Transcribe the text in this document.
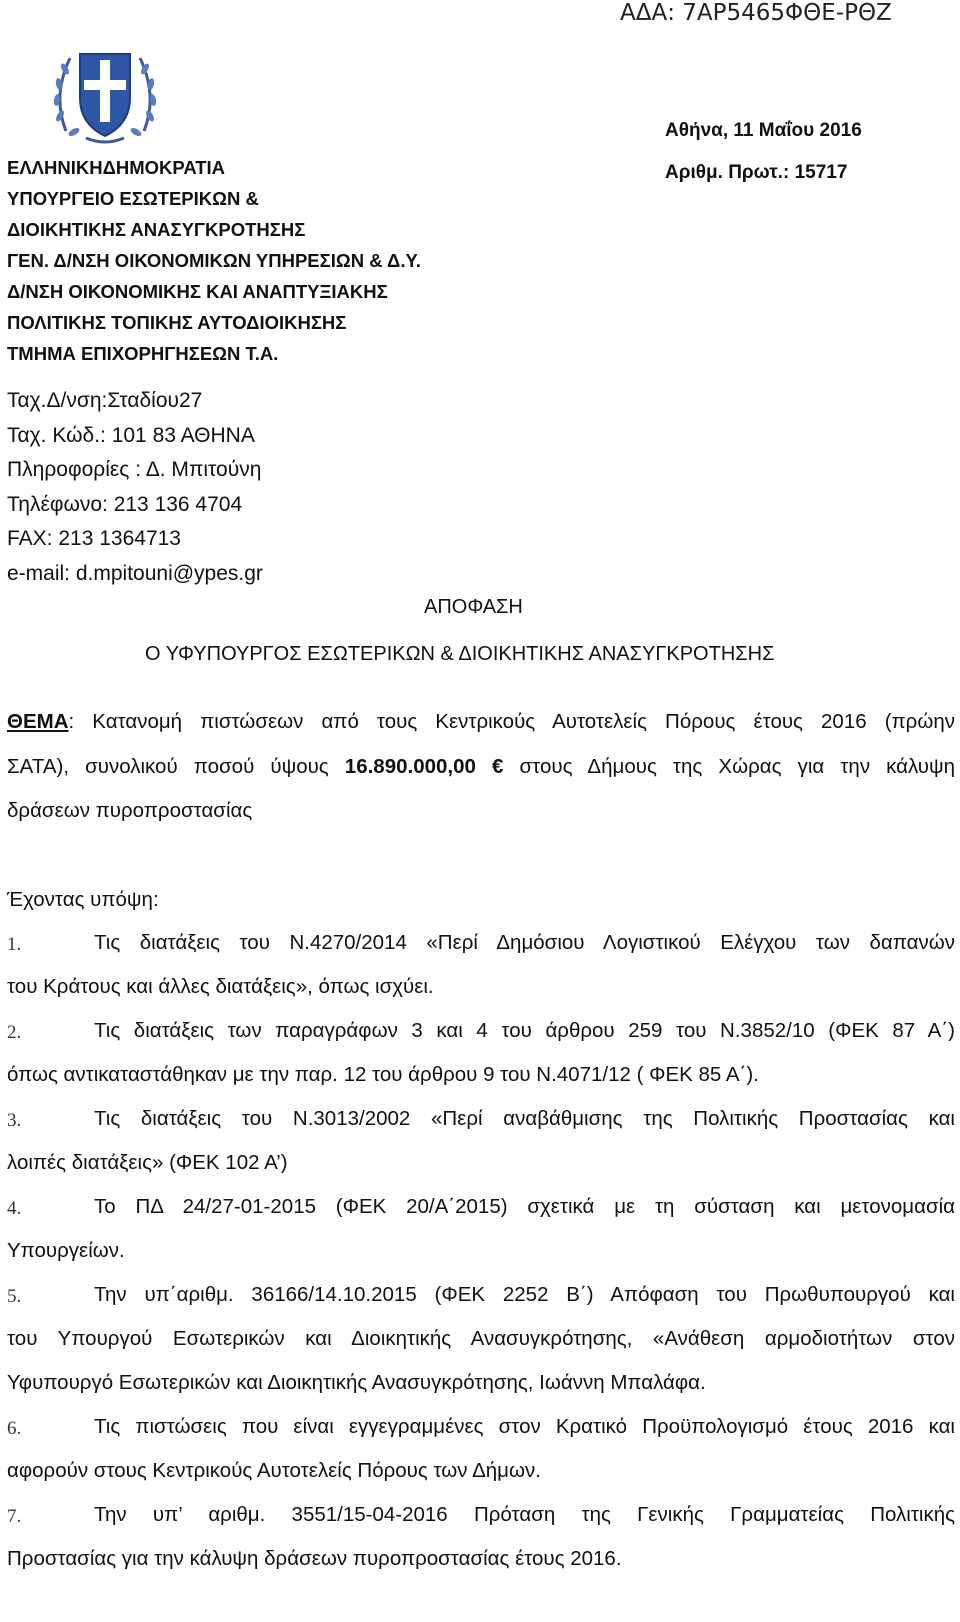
ΑΔΑ: 7ΑΡ5465ΦΘΕ-ΡΘΖ
ΕΛΛΗΝΙΚΗΔΗΜΟΚΡΑΤΙΑ
ΥΠΟΥΡΓΕΙΟ ΕΣΩΤΕΡΙΚΩΝ &
ΔΙΟΙΚΗΤΙΚΗΣ ΑΝΑΣΥΓΚΡΟΤΗΣΗΣ
ΓΕΝ. Δ/ΝΣΗ ΟΙΚΟΝΟΜΙΚΩΝ ΥΠΗΡΕΣΙΩΝ & Δ.Υ.
Δ/ΝΣΗ ΟΙΚΟΝΟΜΙΚΗΣ ΚΑΙ ΑΝΑΠΤΥΞΙΑΚΗΣ
ΠΟΛΙΤΙΚΗΣ ΤΟΠΙΚΗΣ ΑΥΤΟΔΙΟΙΚΗΣΗΣ
ΤΜΗΜΑ ΕΠΙΧΟΡΗΓΗΣΕΩΝ Τ.Α.
Αθήνα, 11 Μαΐου 2016
Αριθμ. Πρωτ.: 15717
Ταχ.Δ/νση:Σταδίου27
Ταχ. Κώδ.: 101 83 ΑΘΗΝΑ
Πληροφορίες : Δ. Μπιτούνη
Τηλέφωνο: 213 136 4704
FAX: 213 1364713
e-mail: d.mpitouni@ypes.gr
ΑΠΟΦΑΣΗ
Ο ΥΦΥΠΟΥΡΓΟΣ ΕΣΩΤΕΡΙΚΩΝ & ΔΙΟΙΚΗΤΙΚΗΣ ΑΝΑΣΥΓΚΡΟΤΗΣΗΣ
ΘΕΜΑ: Κατανομή πιστώσεων από τους Κεντρικούς Αυτοτελείς Πόρους έτους 2016 (πρώην
ΣΑΤΑ), συνολικού ποσού ύψους 16.890.000,00 € στους Δήμους της Χώρας για την κάλυψη
δράσεων πυροπροστασίας
Έχοντας υπόψη:
1.	Τις διατάξεις του Ν.4270/2014 «Περί Δημόσιου Λογιστικού Ελέγχου των δαπανών
του Κράτους και άλλες διατάξεις», όπως ισχύει.
2.	Τις διατάξεις των παραγράφων 3 και 4 του άρθρου 259 του Ν.3852/10 (ΦΕΚ 87 Α΄)
όπως αντικαταστάθηκαν με την παρ. 12 του άρθρου 9 του Ν.4071/12 ( ΦΕΚ 85 Α΄).
3.	Τις διατάξεις του Ν.3013/2002 «Περί αναβάθμισης της Πολιτικής Προστασίας και
λοιπές διατάξεις» (ΦΕΚ 102 Α’)
4.	Το ΠΔ 24/27-01-2015 (ΦΕΚ 20/Α΄2015) σχετικά με τη σύσταση και μετονομασία
Υπουργείων.
5.	Την υπ΄αριθμ. 36166/14.10.2015 (ΦΕΚ 2252 Β΄) Απόφαση του Πρωθυπουργού και
του Υπουργού Εσωτερικών και Διοικητικής Ανασυγκρότησης, «Ανάθεση αρμοδιοτήτων στον
Υφυπουργό Εσωτερικών και Διοικητικής Ανασυγκρότησης, Ιωάννη Μπαλάφα.
6.	Τις πιστώσεις που είναι εγγεγραμμένες στον Κρατικό Προϋπολογισμό έτους 2016 και
αφορούν στους Κεντρικούς Αυτοτελείς Πόρους των Δήμων.
7.	Την υπ’ αριθμ. 3551/15-04-2016 Πρόταση της Γενικής Γραμματείας Πολιτικής
Προστασίας για την κάλυψη δράσεων πυροπροστασίας έτους 2016.
